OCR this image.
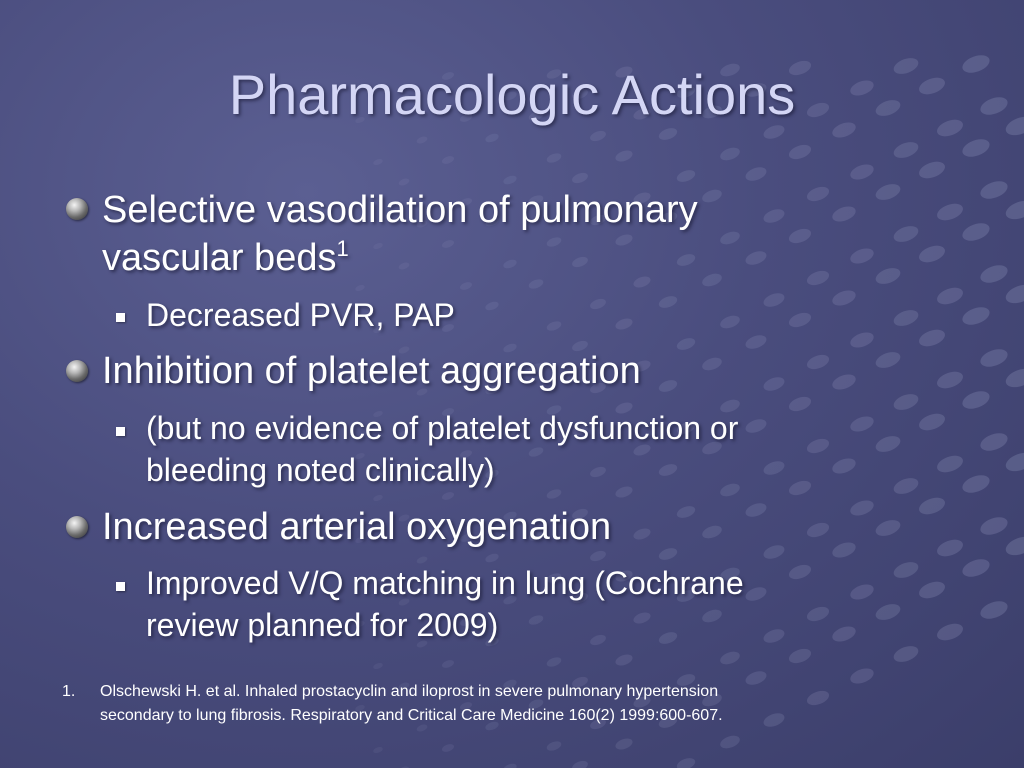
Pharmacologic Actions
Selective vasodilation of pulmonary
vascular beds$^1$
Decreased PVR, PAP
Inhibition of platelet aggregation
(but no evidence of platelet dysfunction or
bleeding noted clinically)
Increased arterial oxygenation
Improved V/Q matching in lung (Cochrane
review planned for 2009)
1. Olschewski H. et al. Inhaled prostacyclin and iloprost in severe pulmonary hypertension
secondary to lung fibrosis. Respiratory and Critical Care Medicine 160(2) 1999:600-607.
